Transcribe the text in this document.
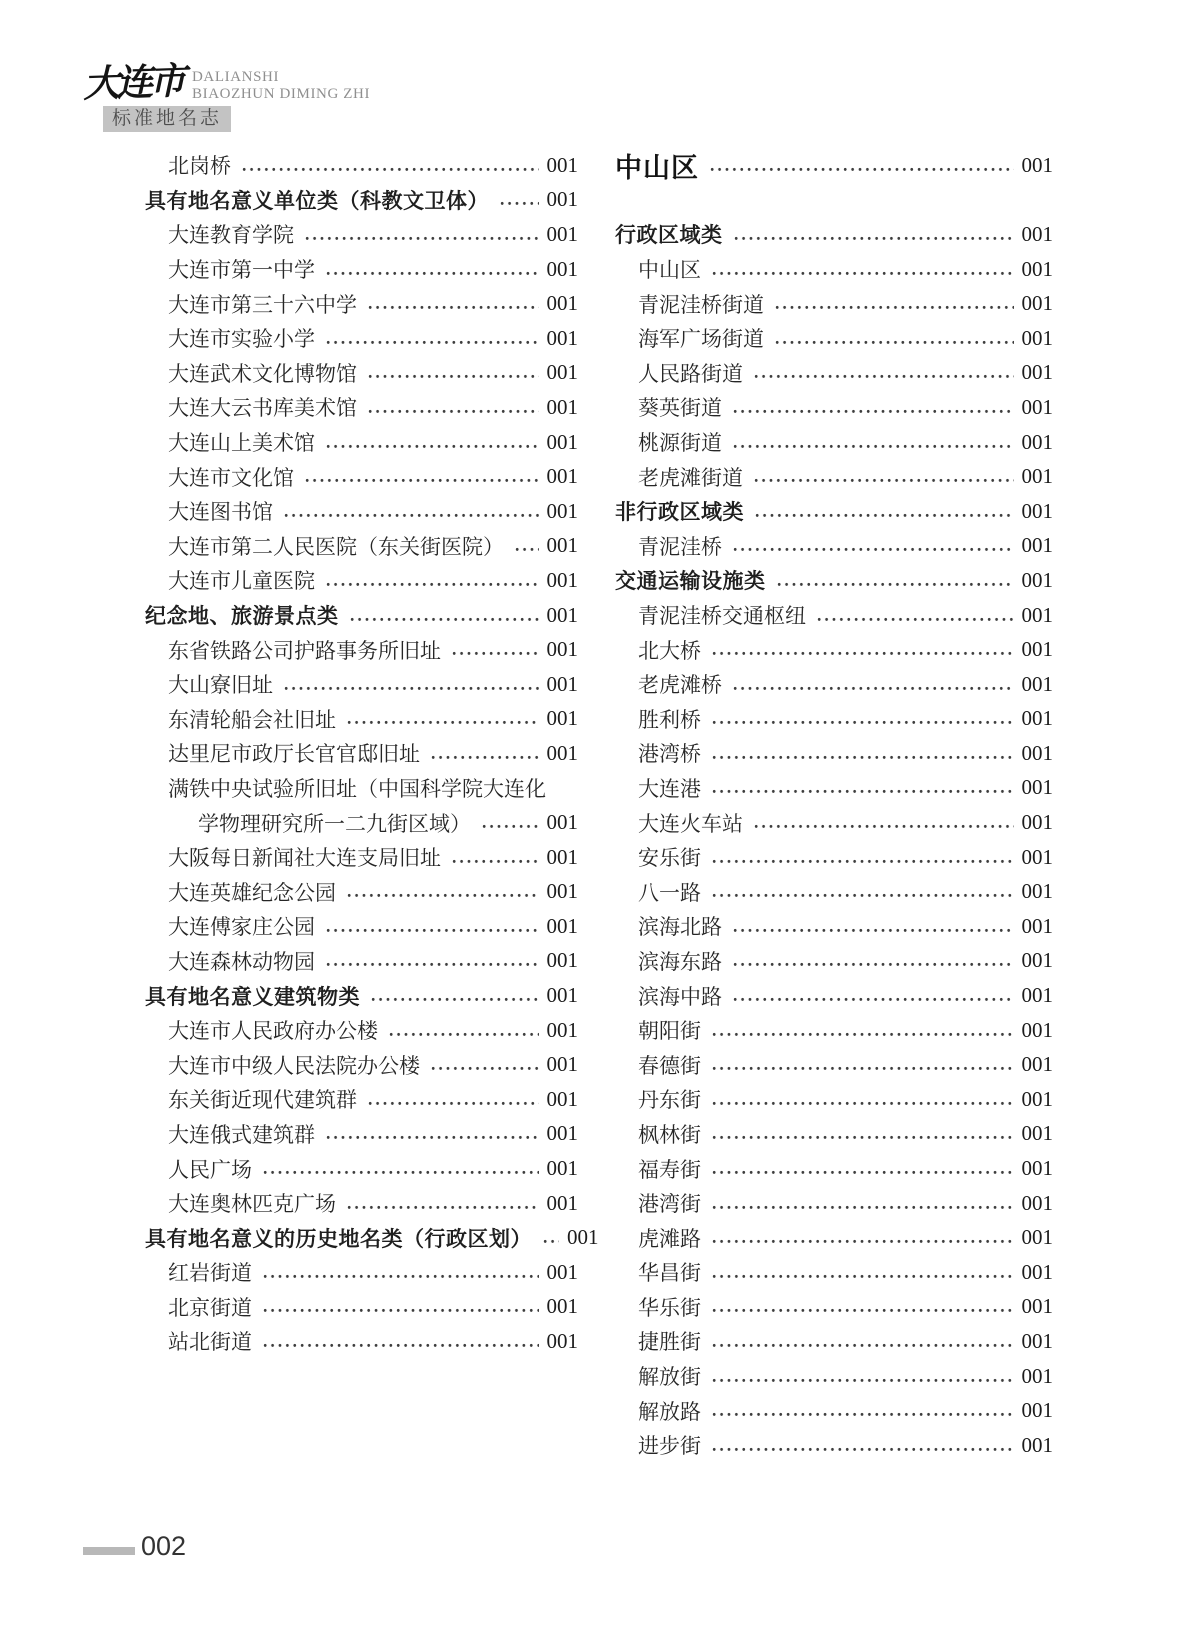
大连市 DALIANSHI
BIAOZHUN DIMING ZHI
标准地名志
北岗桥	001
具有地名意义单位类（科教文卫体）	001
大连教育学院	001
大连市第一中学	001
大连市第三十六中学	001
大连市实验小学	001
大连武术文化博物馆	001
大连大云书库美术馆	001
大连山上美术馆	001
大连市文化馆	001
大连图书馆	001
大连市第二人民医院（东关街医院） 001
大连市儿童医院	001
纪念地、旅游景点类	001
东省铁路公司护路事务所旧址	001
大山寮旧址	001
东清轮船会社旧址	001
达里尼市政厅长官官邸旧址	001
满铁中央试验所旧址（中国科学院大连化
学物理研究所一二九街区域）	001
大阪每日新闻社大连支局旧址	001
大连英雄纪念公园	001
大连傅家庄公园	001
大连森林动物园	001
具有地名意义建筑物类	001
大连市人民政府办公楼	001
大连市中级人民法院办公楼	001
东关街近现代建筑群	001
大连俄式建筑群	001
人民广场	001
大连奥林匹克广场	001
具有地名意义的历史地名类（行政区划） 001
红岩街道	001
北京街道	001
站北街道	001
中山区	001
行政区域类	001
中山区	001
青泥洼桥街道	001
海军广场街道	001
人民路街道	001
葵英街道	001
桃源街道	001
老虎滩街道	001
非行政区域类	001
青泥洼桥	001
交通运输设施类	001
青泥洼桥交通枢纽	001
北大桥	001
老虎滩桥	001
胜利桥	001
港湾桥	001
大连港	001
大连火车站	001
安乐街	001
八一路	001
滨海北路	001
滨海东路	001
滨海中路	001
朝阳街	001
春德街	001
丹东街	001
枫林街	001
福寿街	001
港湾街	001
虎滩路	001
华昌街	001
华乐街	001
捷胜街	001
解放街	001
解放路	001
进步街	001
002
